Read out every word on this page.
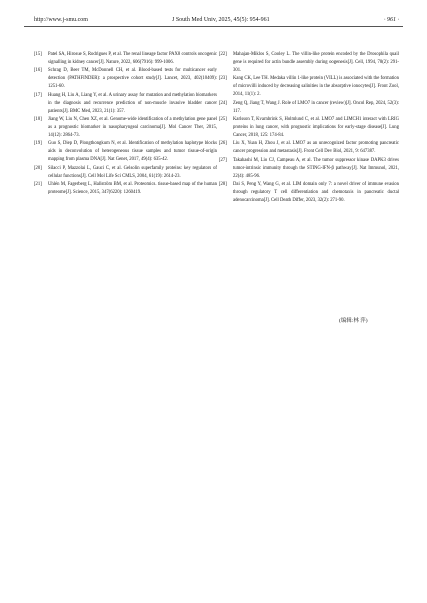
http://www.j-smu.com	J South Med Univ, 2025, 45(5): 954-961	· 961 ·
[15] Patel SA, Hirosue S, Rodrigues P, et al. The renal lineage factor PAX8 controls oncogenic signalling in kidney cancer[J]. Nature, 2022, 606(7916): 999-1006.
[16] Schrag D, Beer TM, McDonnell CH, et al. Blood-based tests for multicancer early detection (PATHFINDER): a prospective cohort study[J]. Lancet, 2023, 402(10409): 1251-60.
[17] Huang H, Liu A, Liang Y, et al. A urinary assay for mutation and methylation biomarkers in the diagnosis and recurrence prediction of non-muscle invasive bladder cancer patients[J]. BMC Med, 2023, 21(1): 357.
[18] Jiang W, Liu N, Chen XZ, et al. Genome-wide identification of a methylation gene panel as a prognostic biomarker in nasopharyngeal carcinoma[J]. Mol Cancer Ther, 2015, 14(12): 2864-73.
[19] Guo S, Diep D, Plongthongkum N, et al. Identification of methylation haplotype blocks aids in deconvolution of heterogeneous tissue samples and tumor tissue-of-origin mapping from plasma DNA[J]. Nat Genet, 2017, 49(4): 635-42.
[20] Silacci P, Mazzolai L, Gauci C, et al. Gelsolin superfamily proteins: key regulators of cellular functions[J]. Cell Mol Life Sci CMLS, 2004, 61(19): 2614-23.
[21] Uhlén M, Fagerberg L, Hallström BM, et al. Proteomics. tissue-based map of the human proteome[J]. Science, 2015, 347(6220): 1260419.
[22] Mahajan-Miklos S, Cooley L. The villin-like protein encoded by the Drosophila quail gene is required for actin bundle assembly during oogenesis[J]. Cell, 1994, 78(2): 291-301.
[23] Kang CK, Lee TH. Medaka villin 1-like protein (VILL) is associated with the formation of microvilli induced by decreasing salinities in the absorptive ionocytes[J]. Front Zool, 2014, 11(1): 2.
[24] Zeng Q, Jiang T, Wang J. Role of LMO7 in cancer (review)[J]. Oncol Rep, 2024, 52(3): 117.
[25] Karlsson T, Kvarnbrink S, Holmlund C, et al. LMO7 and LIMCH1 interact with LRIG proteins in lung cancer, with prognostic implications for early-stage disease[J]. Lung Cancer, 2018, 125: 174-84.
[26] Liu X, Yuan H, Zhou J, et al. LMO7 as an unrecognized factor promoting pancreatic cancer progression and metastasis[J]. Front Cell Dev Biol, 2021, 9: 647387.
[27] Takahashi M, Lio CJ, Campeau A, et al. The tumor suppressor kinase DAPK3 drives tumor-intrinsic immunity through the STING-IFN-β pathway[J]. Nat Immunol, 2021, 22(4): 485-96.
[28] Dai S, Peng Y, Wang G, et al. LIM domain only 7: a novel driver of immune evasion through regulatory T cell differentiation and chemotaxis in pancreatic ductal adenocarcinoma[J]. Cell Death Differ, 2023, 32(2): 271-90.
(编辑:林 萍)
